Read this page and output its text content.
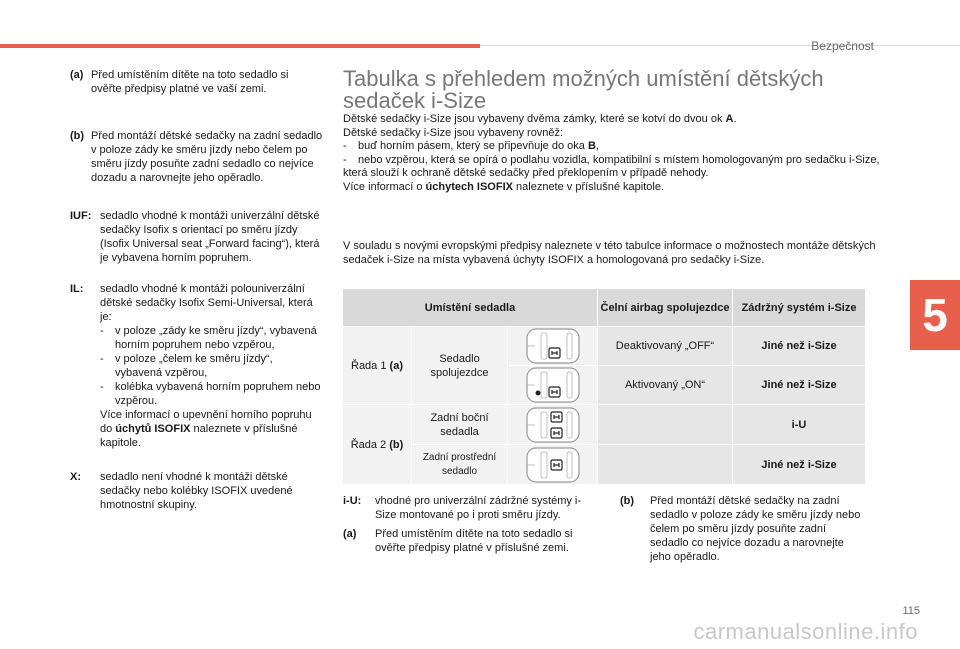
Bezpečnost
5
(a) Před umístěním dítěte na toto sedadlo si ověřte předpisy platné ve vaší zemi.
(b) Před montáží dětské sedačky na zadní sedadlo v poloze zády ke směru jízdy nebo čelem po směru jízdy posuňte zadní sedadlo co nejvíce dozadu a narovnejte jeho opěradlo.
IUF: sedadlo vhodné k montáži univerzální dětské sedačky Isofix s orientací po směru jízdy (Isofix Universal seat „Forward facing“), která je vybavena horním popruhem.
IL: sedadlo vhodné k montáži polouniverzální dětské sedačky Isofix Semi-Universal, která je:
-	v poloze „zády ke směru jízdy“, vybavená horním popruhem nebo vzpěrou,
-	v poloze „čelem ke směru jízdy“, vybavená vzpěrou,
-	kolébka vybavená horním popruhem nebo vzpěrou.
Více informací o upevnění horního popruhu do úchytů ISOFIX naleznete v příslušné kapitole.
X: sedadlo není vhodné k montáži dětské sedačky nebo kolébky ISOFIX uvedené hmotnostní skupiny.
Tabulka s přehledem možných umístění dětských sedaček i-Size

Dětské sedačky i-Size jsou vybaveny dvěma zámky, které se kotví do dvou ok A.

Dětské sedačky i-Size jsou vybaveny rovněž:

-	buď horním pásem, který se připevňuje do oka B,
-	nebo vzpěrou, která se opírá o podlahu vozidla, kompatibilní s místem homologovaným pro sedačku i-Size,

která slouží k ochraně dětské sedačky před překlopením v případě nehody.

Více informací o úchytech ISOFIX naleznete v příslušné kapitole.

V souladu s novými evropskými předpisy naleznete v této tabulce informace o možnostech montáže dětských sedaček i-Size na místa vybavená úchyty ISOFIX a homologovaná pro sedačky i-Size.
Umístění sedadla			Čelní airbag spolujezdce	Zádržný systém i-Size
Řada 1 (a)	Sedadlo spolujezdce		Deaktivovaný „OFF“	Jiné než i-Size

	Aktivovaný „ON“	Jiné než i-Size
Řada 2 (b)	Zadní boční sedadla			i-U
	Zadní prostřední sedadlo			Jiné než i-Size
i-U: vhodné pro univerzální zádržné systémy i-Size montované po i proti směru jízdy.
(a) Před umístěním dítěte na toto sedadlo si ověřte předpisy platné v příslušné zemi.
(b) Před montáží dětské sedačky na zadní sedadlo v poloze zády ke směru jízdy nebo čelem po směru jízdy posuňte zadní sedadlo co nejvíce dozadu a narovnejte jeho opěradlo.
115
carmanualsonline.info
